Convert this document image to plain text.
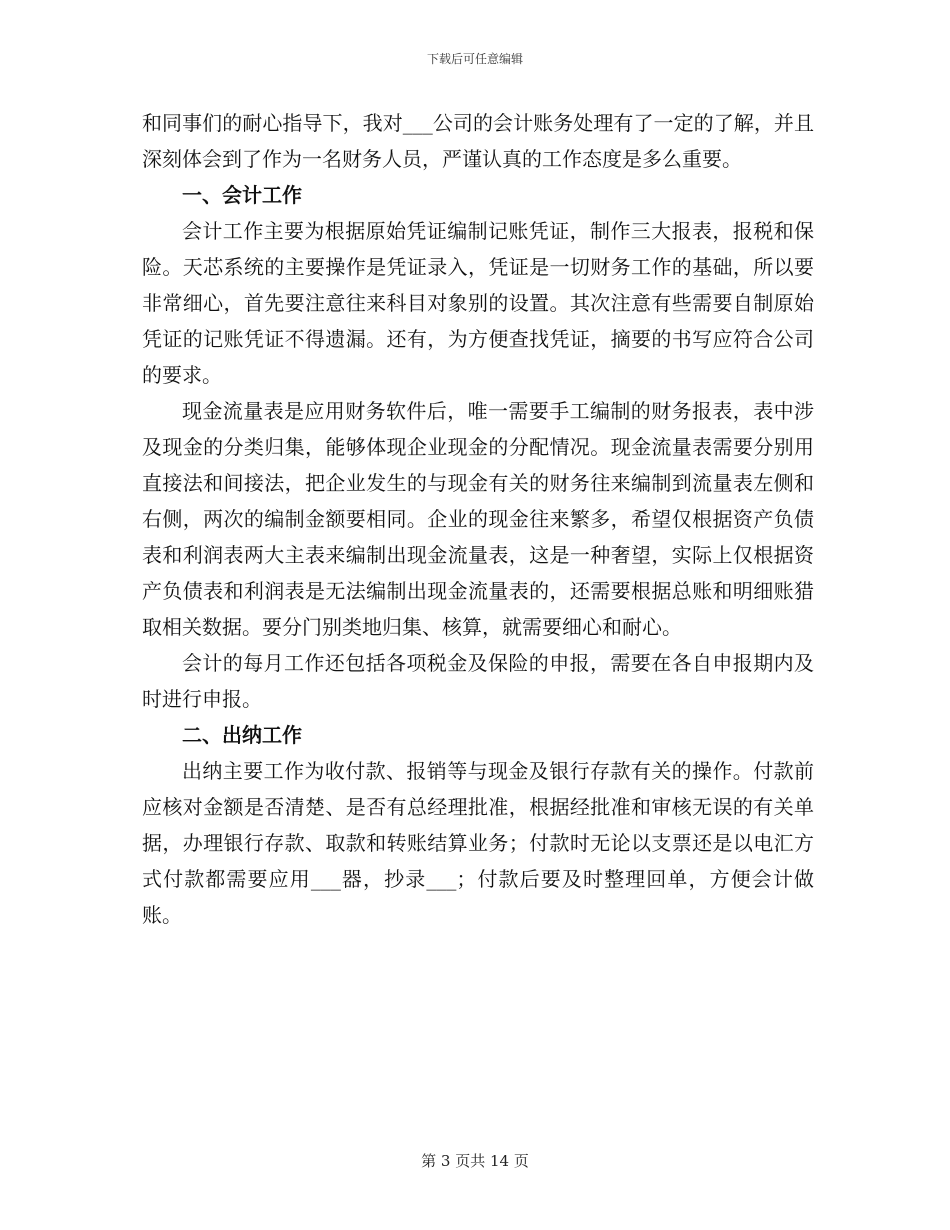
下载后可任意编辑

和同事们的耐心指导下，我对___公司的会计账务处理有了一定的了解，并且深刻体会到了作为一名财务人员，严谨认真的工作态度是多么重要。

一、会计工作

会计工作主要为根据原始凭证编制记账凭证，制作三大报表，报税和保险。天芯系统的主要操作是凭证录入，凭证是一切财务工作的基础，所以要非常细心，首先要注意往来科目对象别的设置。其次注意有些需要自制原始凭证的记账凭证不得遗漏。还有，为方便查找凭证，摘要的书写应符合公司的要求。

现金流量表是应用财务软件后，唯一需要手工编制的财务报表，表中涉及现金的分类归集，能够体现企业现金的分配情况。现金流量表需要分别用直接法和间接法，把企业发生的与现金有关的财务往来编制到流量表左侧和右侧，两次的编制金额要相同。企业的现金往来繁多，希望仅根据资产负债表和利润表两大主表来编制出现金流量表，这是一种奢望，实际上仅根据资产负债表和利润表是无法编制出现金流量表的，还需要根据总账和明细账猎取相关数据。要分门别类地归集、核算，就需要细心和耐心。

会计的每月工作还包括各项税金及保险的申报，需要在各自申报期内及时进行申报。

二、出纳工作

出纳主要工作为收付款、报销等与现金及银行存款有关的操作。付款前应核对金额是否清楚、是否有总经理批准，根据经批准和审核无误的有关单据，办理银行存款、取款和转账结算业务；付款时无论以支票还是以电汇方式付款都需要应用___器，抄录___；付款后要及时整理回单，方便会计做账。

第 3 页共 14 页
